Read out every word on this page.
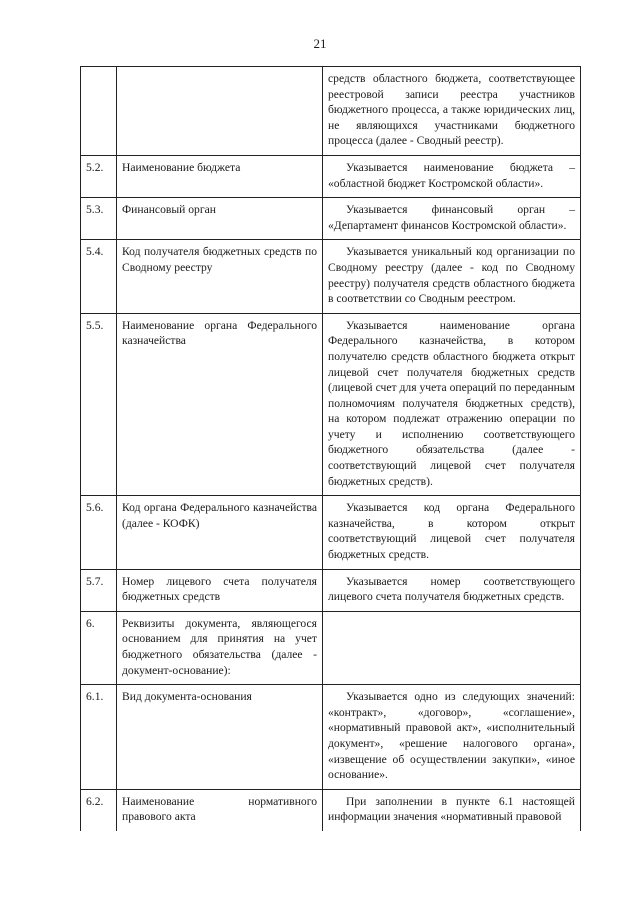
21
		средств областного бюджета, соответствующее реестровой записи реестра участников бюджетного процесса, а также юридических лиц, не являющихся участниками бюджетного процесса (далее - Сводный реестр).
5.2.	Наименование бюджета	Указывается наименование бюджета – «областной бюджет Костромской области».
5.3.	Финансовый орган	Указывается финансовый орган – «Департамент финансов Костромской области».
5.4.	Код получателя бюджетных средств по Сводному реестру	Указывается уникальный код организации по Сводному реестру (далее - код по Сводному реестру) получателя средств областного бюджета в соответствии со Сводным реестром.
5.5.	Наименование органа Федерального казначейства	Указывается наименование органа Федерального казначейства, в котором получателю средств областного бюджета открыт лицевой счет получателя бюджетных средств (лицевой счет для учета операций по переданным полномочиям получателя бюджетных средств), на котором подлежат отражению операции по учету и исполнению соответствующего бюджетного обязательства (далее - соответствующий лицевой счет получателя бюджетных средств).
5.6.	Код органа Федерального казначейства (далее - КОФК)	Указывается код органа Федерального казначейства, в котором открыт соответствующий лицевой счет получателя бюджетных средств.
5.7.	Номер лицевого счета получателя бюджетных средств	Указывается номер соответствующего лицевого счета получателя бюджетных средств.
6.	Реквизиты документа, являющегося основанием для принятия на учет бюджетного обязательства (далее - документ-основание):	
6.1.	Вид документа-основания	Указывается одно из следующих значений: «контракт», «договор», «соглашение», «нормативный правовой акт», «исполнительный документ», «решение налогового органа», «извещение об осуществлении закупки», «иное основание».
6.2.	Наименование нормативного правового акта	При заполнении в пункте 6.1 настоящей информации значения «нормативный правовой
